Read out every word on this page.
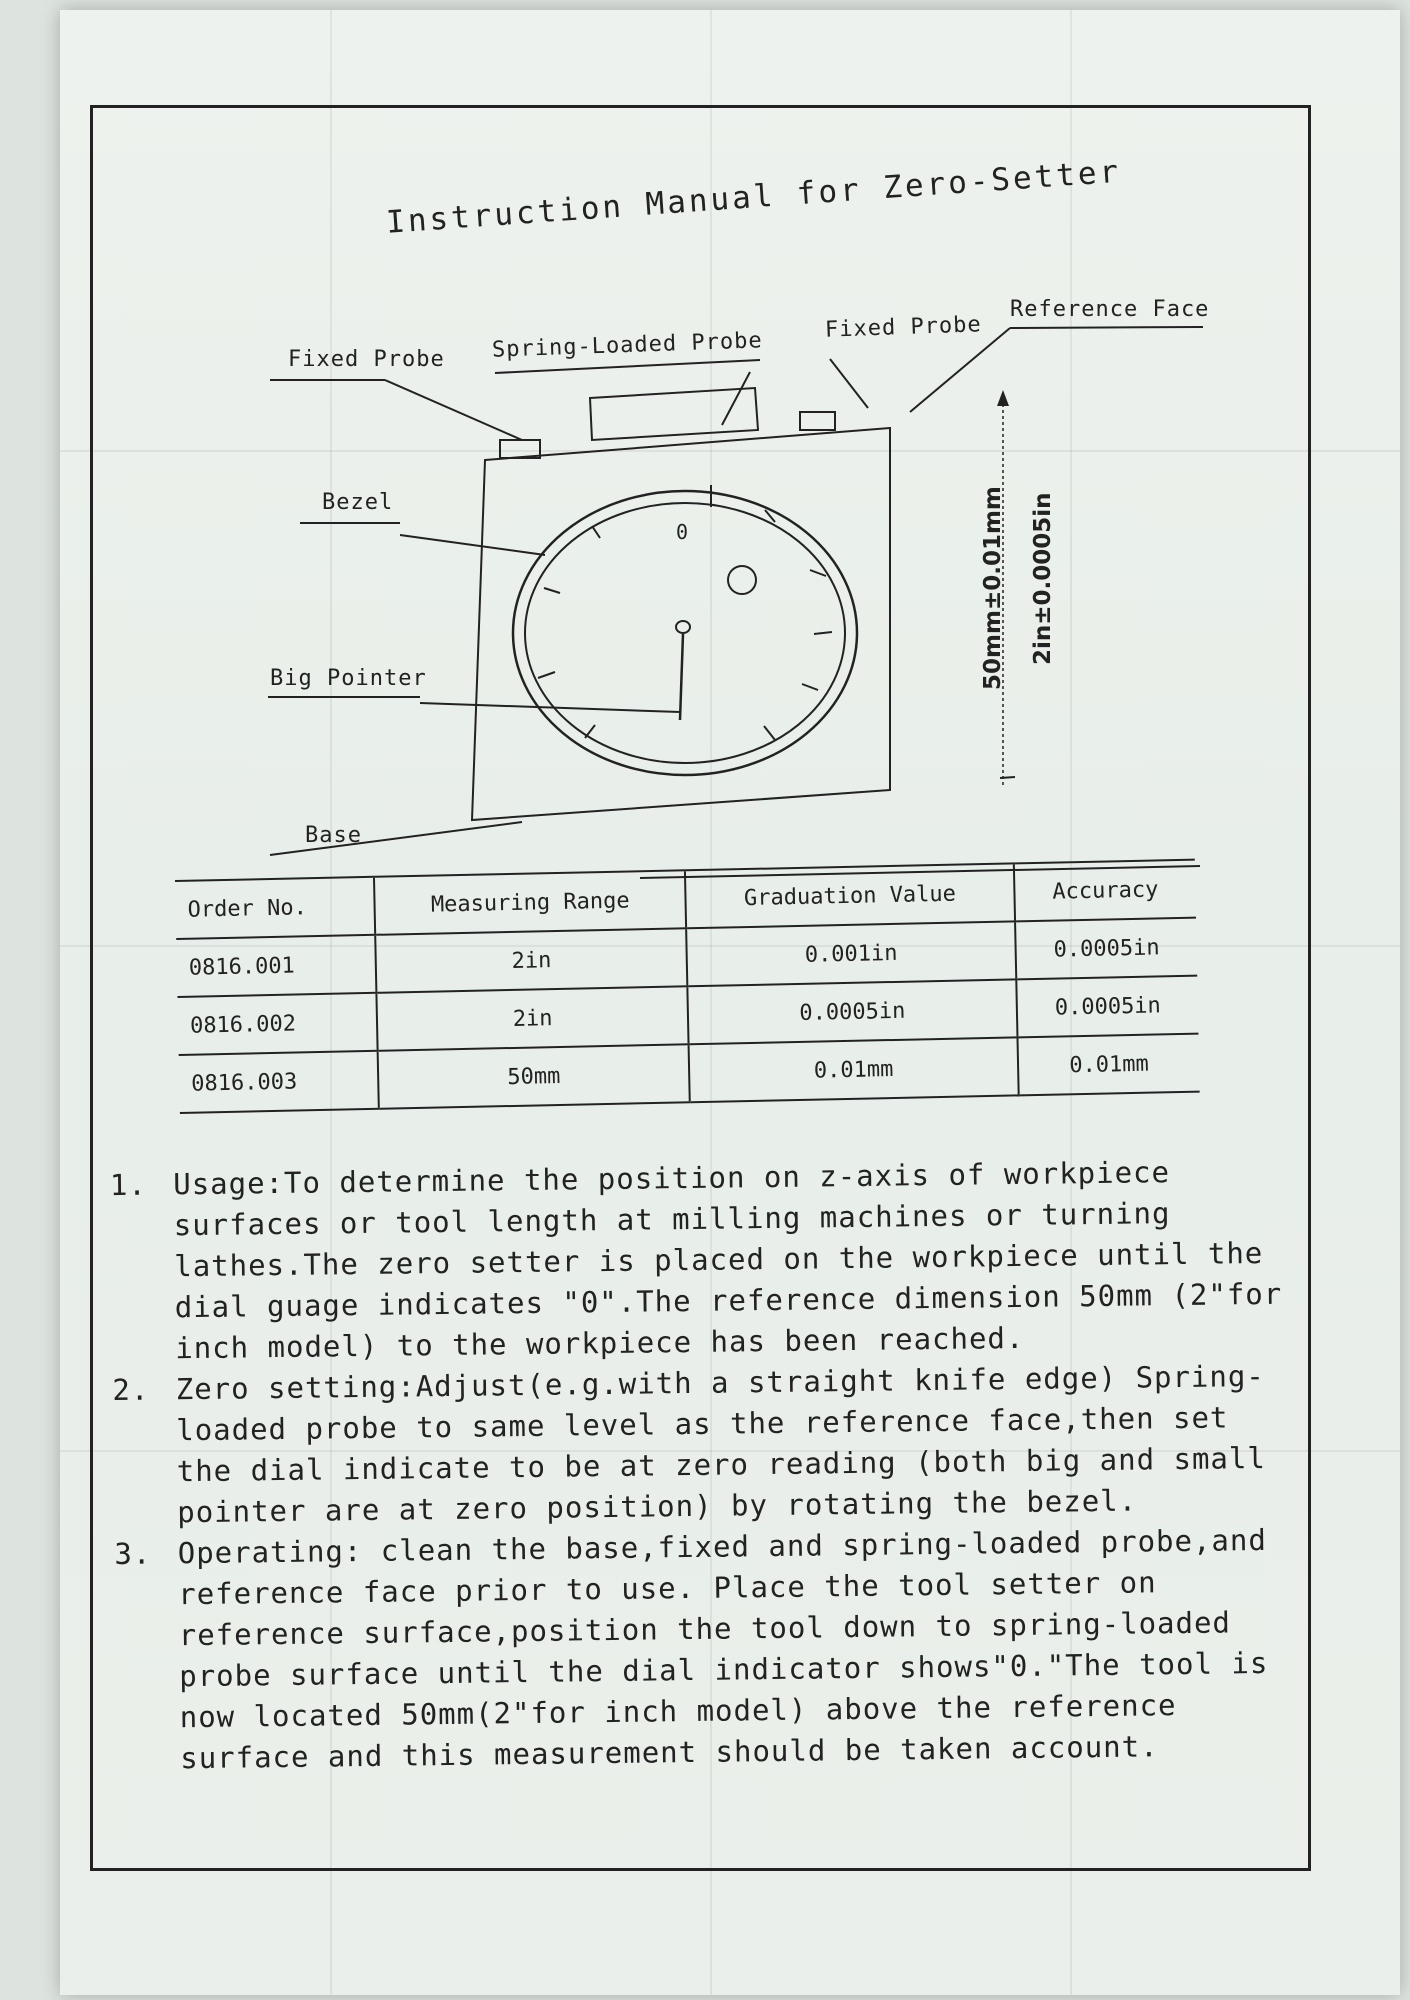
Instruction Manual for Zero-Setter
Fixed Probe Spring-Loaded Probe
Fixed Probe
Reference Face
Bezel
Big Pointer
Base
0	50mm±0.01mm 2in±0.0005in
Order No.	Measuring Range	Graduation Value	Accuracy
0816.001	2in	0.001in	0.0005in
0816.002	2in	0.0005in	0.0005in
0816.003	50mm	0.01mm	0.01mm
1. Usage:To determine the position on z-axis of workpiece surfaces or tool length at milling machines or turning lathes.The zero setter is placed on the workpiece until the dial guage indicates "0".The reference dimension 50mm (2"for inch model) to the workpiece has been reached.
2. Zero setting:Adjust(e.g.with a straight knife edge) Spring-loaded probe to same level as the reference face,then set the dial indicate to be at zero reading (both big and small pointer are at zero position) by rotating the bezel.
3. Operating: clean the base,fixed and spring-loaded probe,and reference face prior to use. Place the tool setter on reference surface,position the tool down to spring-loaded probe surface until the dial indicator shows"0."The tool is now located 50mm(2"for inch model) above the reference surface and this measurement should be taken account.
